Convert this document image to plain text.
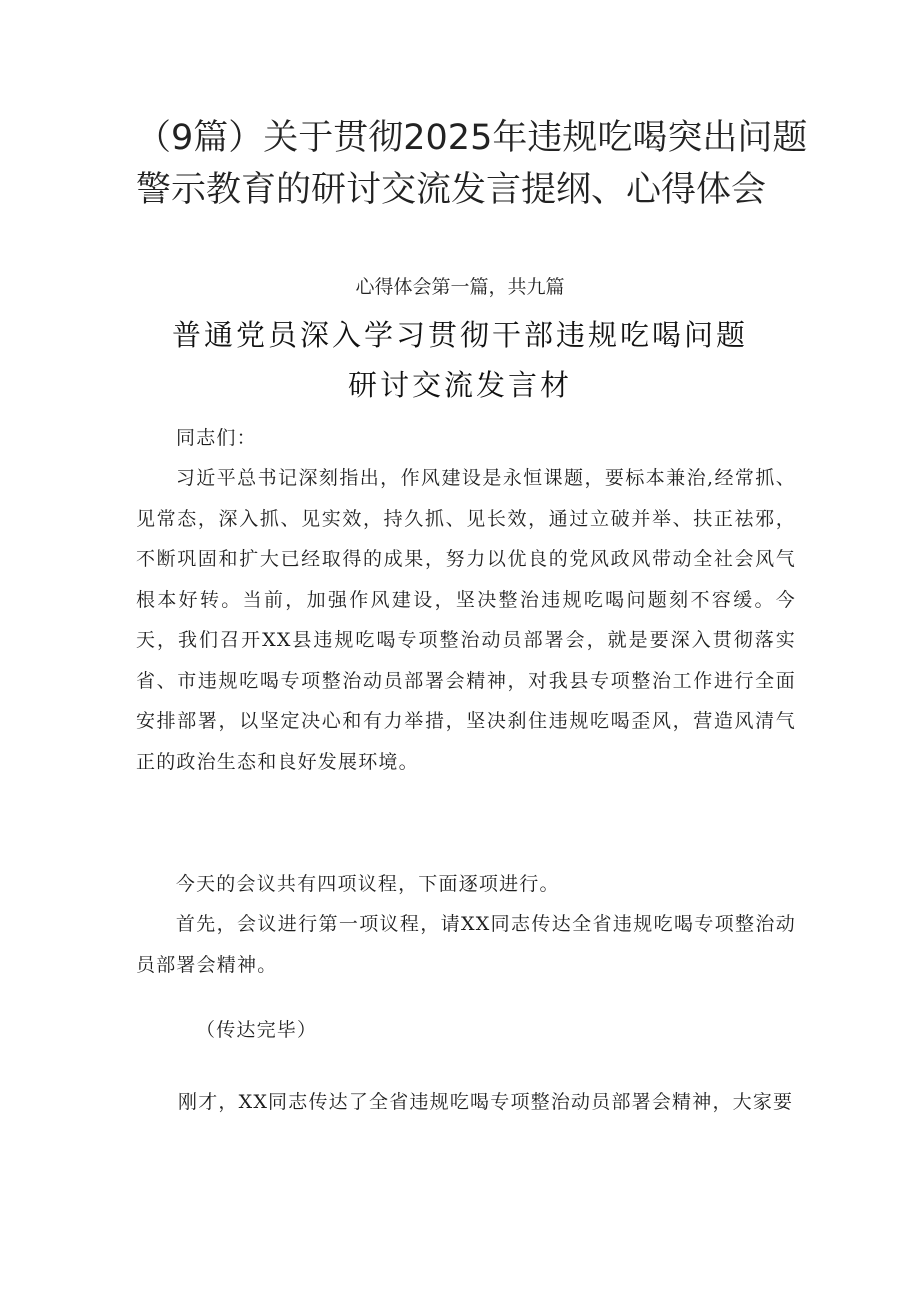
（9篇）关于贯彻2025年违规吃喝突出问题警示教育的研讨交流发言提纲、心得体会

心得体会第一篇，共九篇

普通党员深入学习贯彻干部违规吃喝问题
研讨交流发言材

同志们：

习近平总书记深刻指出，作风建设是永恒课题，要标本兼治,经常抓、见常态，深入抓、见实效，持久抓、见长效，通过立破并举、扶正祛邪，不断巩固和扩大已经取得的成果，努力以优良的党风政风带动全社会风气根本好转。当前，加强作风建设，坚决整治违规吃喝问题刻不容缓。今天，我们召开XX县违规吃喝专项整治动员部署会，就是要深入贯彻落实省、市违规吃喝专项整治动员部署会精神，对我县专项整治工作进行全面安排部署，以坚定决心和有力举措，坚决刹住违规吃喝歪风，营造风清气正的政治生态和良好发展环境。

今天的会议共有四项议程，下面逐项进行。

首先，会议进行第一项议程，请XX同志传达全省违规吃喝专项整治动员部署会精神。

（传达完毕）

刚才，XX同志传达了全省违规吃喝专项整治动员部署会精神，大家要
